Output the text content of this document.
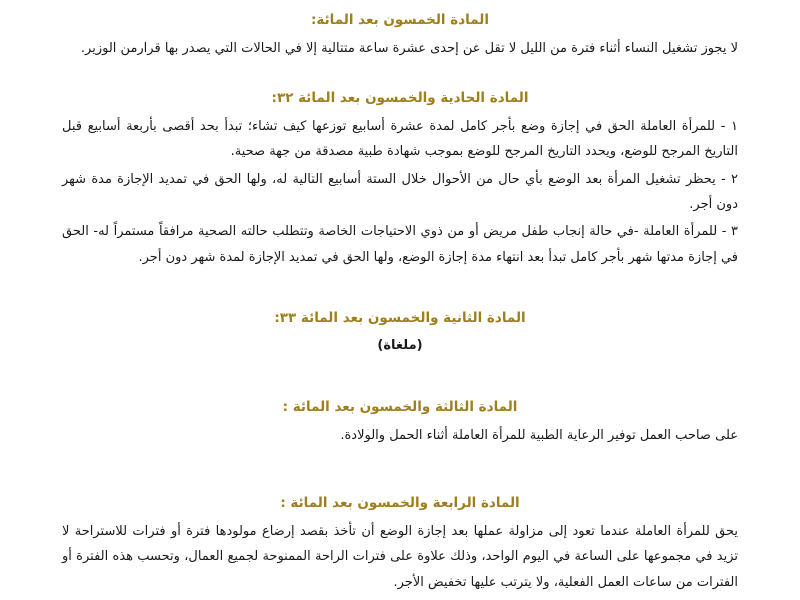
المادة الخمسون بعد المائة:

لا يجوز تشغيل النساء أثناء فترة من الليل لا تقل عن إحدى عشرة ساعة متتالية إلا في الحالات التي يصدر بها قرارمن الوزير.

المادة الحادية والخمسون بعد المائة ٣٢:

١ - للمرأة العاملة الحق في إجازة وضع بأجر كامل لمدة عشرة أسابيع توزعها كيف تشاء؛ تبدأ بحد أقصى بأربعة أسابيع قبل التاريخ المرجح للوضع، ويحدد التاريخ المرجح للوضع بموجب شهادة طبية مصدقة من جهة صحية.

٢ - يحظر تشغيل المرأة بعد الوضع بأي حال من الأحوال خلال الستة أسابيع التالية له، ولها الحق في تمديد الإجازة مدة شهر دون أجر.

٣ - للمرأة العاملة -في حالة إنجاب طفل مريض أو من ذوي الاحتياجات الخاصة وتتطلب حالته الصحية مرافقاً مستمراً له- الحق في إجازة مدتها شهر بأجر كامل تبدأ بعد انتهاء مدة إجازة الوضع، ولها الحق في تمديد الإجازة لمدة شهر دون أجر.

المادة الثانية والخمسون بعد المائة ٣٣:
(ملغاة)
المادة الثالثة والخمسون بعد المائة :

على صاحب العمل توفير الرعاية الطبية للمرأة العاملة أثناء الحمل والولادة.

المادة الرابعة والخمسون بعد المائة :

يحق للمرأة العاملة عندما تعود إلى مزاولة عملها بعد إجازة الوضع أن تأخذ بقصد إرضاع مولودها فترة أو فترات للاستراحة لا تزيد في مجموعها على الساعة في اليوم الواحد، وذلك علاوة على فترات الراحة الممنوحة لجميع العمال، وتحسب هذه الفترة أو الفترات من ساعات العمل الفعلية، ولا يترتب عليها تخفيض الأجر.
